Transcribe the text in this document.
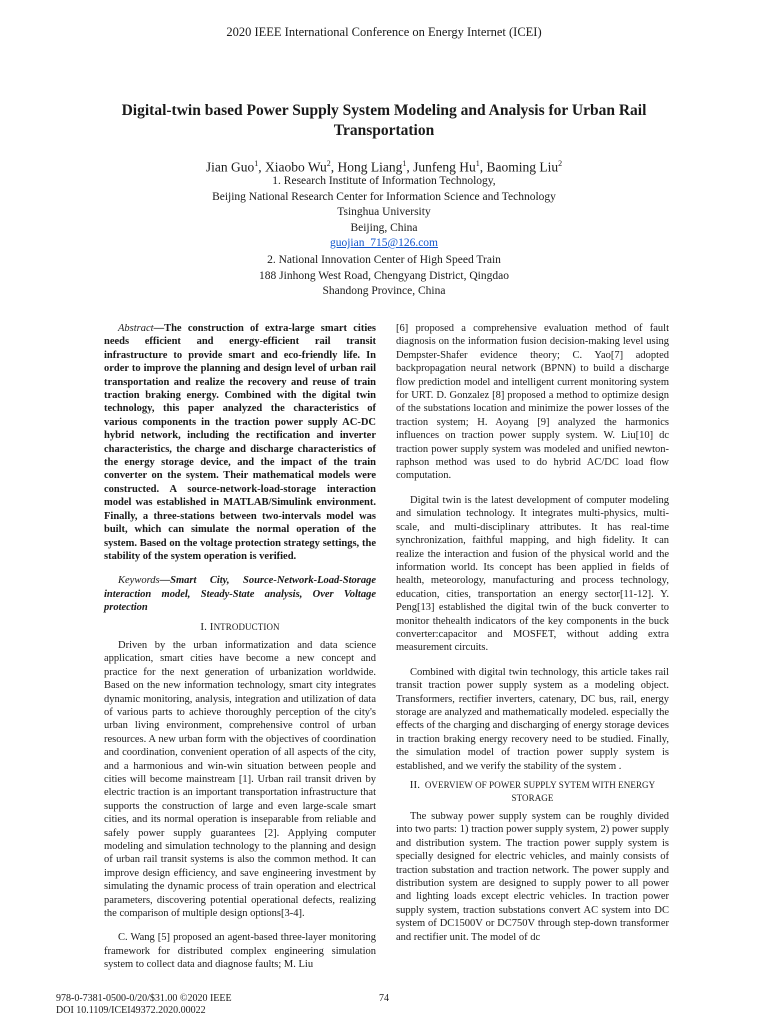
2020 IEEE International Conference on Energy Internet (ICEI)
Digital-twin based Power Supply System Modeling and Analysis for Urban Rail Transportation
Jian Guo$^1$, Xiaobo Wu$^2$, Hong Liang$^1$, Junfeng Hu$^1$, Baoming Liu$^2$
1. Research Institute of Information Technology,
Beijing National Research Center for Information Science and Technology
Tsinghua University
Beijing, China
guojian_715@126.com
2. National Innovation Center of High Speed Train
188 Jinhong West Road, Chengyang District, Qingdao
Shandong Province, China

Abstract—The construction of extra-large smart cities needs efficient and energy-efficient rail transit infrastructure to provide smart and eco-friendly life. In order to improve the planning and design level of urban rail transportation and realize the recovery and reuse of train traction braking energy. Combined with the digital twin technology, this paper analyzed the characteristics of various components in the traction power supply AC-DC hybrid network, including the rectification and inverter characteristics, the charge and discharge characteristics of the energy storage device, and the impact of the train converter on the system. Their mathematical models were constructed. A source-network-load-storage interaction model was established in MATLAB/Simulink environment. Finally, a three-stations between two-intervals model was built, which can simulate the normal operation of the system. Based on the voltage protection strategy settings, the stability of the system operation is verified.

Keywords—Smart City, Source-Network-Load-Storage interaction model, Steady-State analysis, Over Voltage protection

I. INTRODUCTION

Driven by the urban informatization and data science application, smart cities have become a new concept and practice for the next generation of urbanization worldwide. Based on the new information technology, smart city integrates dynamic monitoring, analysis, integration and utilization of data of various parts to achieve thoroughly perception of the city's urban living environment, comprehensive control of urban resources. A new urban form with the objectives of coordination and coordination, convenient operation of all aspects of the city, and a harmonious and win-win situation between people and cities will become mainstream [1]. Urban rail transit driven by electric traction is an important transportation infrastructure that supports the construction of large and even large-scale smart cities, and its normal operation is inseparable from reliable and safely power supply guarantees [2]. Applying computer modeling and simulation technology to the planning and design of urban rail transit systems is also the common method. It can improve design efficiency, and save engineering investment by simulating the dynamic process of train operation and electrical parameters, discovering potential operational defects, realizing the comparison of multiple design options[3-4].

C. Wang [5] proposed an agent-based three-layer monitoring framework for distributed complex engineering simulation system to collect data and diagnose faults; M. Liu

[6] proposed a comprehensive evaluation method of fault diagnosis on the information fusion decision-making level using Dempster-Shafer evidence theory; C. Yao[7] adopted backpropagation neural network (BPNN) to build a discharge flow prediction model and intelligent current monitoring system for URT. D. Gonzalez [8] proposed a method to optimize design of the substations location and minimize the power losses of the traction system; H. Aoyang [9] analyzed the harmonics influences on traction power supply system. W. Liu[10] dc traction power supply system was modeled and unified newton-raphson method was used to do hybrid AC/DC load flow computation.

Digital twin is the latest development of computer modeling and simulation technology. It integrates multi-physics, multi-scale, and multi-disciplinary attributes. It has real-time synchronization, faithful mapping, and high fidelity. It can realize the interaction and fusion of the physical world and the information world. Its concept has been applied in fields of health, meteorology, manufacturing and process technology, education, cities, transportation an energy sector[11-12]. Y. Peng[13] established the digital twin of the buck converter to monitor thehealth indicators of the key components in the buck converter:capacitor and MOSFET, without adding extra measurement circuits.

Combined with digital twin technology, this article takes rail transit traction power supply system as a modeling object. Transformers, rectifier inverters, catenary, DC bus, rail, energy storage are analyzed and mathematically modeled. especially the effects of the charging and discharging of energy storage devices in traction braking energy recovery need to be studied. Finally, the simulation model of traction power supply system is established, and we verify the stability of the system .

II. OVERVIEW OF POWER SUPPLY SYTEM WITH ENERGY STORAGE

The subway power supply system can be roughly divided into two parts: 1) traction power supply system, 2) power supply and distribution system. The traction power supply system is specially designed for electric vehicles, and mainly consists of traction substation and traction network. The power supply and distribution system are designed to supply power to all power and lighting loads except electric vehicles. In traction power supply system, traction substations convert AC system into DC system of DC1500V or DC750V through step-down transformer and rectifier unit. The model of dc

978-0-7381-0500-0/20/$31.00 ©2020 IEEE
DOI 10.1109/ICEI49372.2020.00022
74
